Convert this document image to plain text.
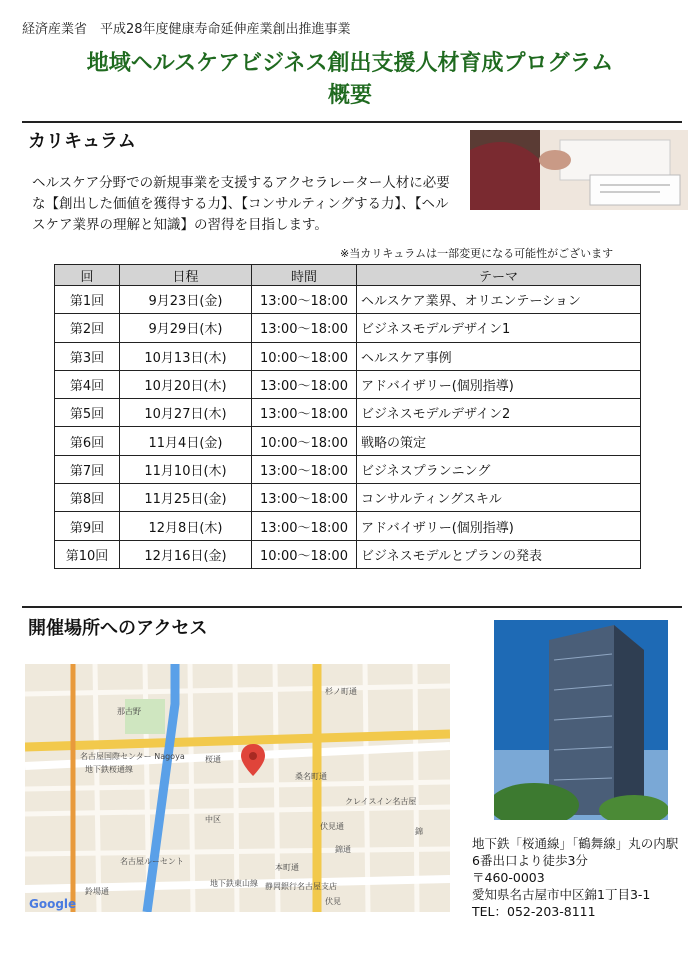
経済産業省　平成28年度健康寿命延伸産業創出推進事業
地域ヘルスケアビジネス創出支援人材育成プログラム
概要
カリキュラム
ヘルスケア分野での新規事業を支援するアクセラレーター人材に必要な【創出した価値を獲得する力】、【コンサルティングする力】、【ヘルスケア業界の理解と知識】の習得を目指します。
※当カリキュラムは一部変更になる可能性がございます
回	日程	時間	テーマ
第1回	9月23日(金)	13:00～18:00	ヘルスケア業界、オリエンテーション
第2回	9月29日(木)	13:00～18:00	ビジネスモデルデザイン1
第3回	10月13日(木)	10:00～18:00	ヘルスケア事例
第4回	10月20日(木)	13:00～18:00	アドバイザリー(個別指導)
第5回	10月27日(木)	13:00～18:00	ビジネスモデルデザイン2
第6回	11月4日(金)	10:00～18:00	戦略の策定
第7回	11月10日(木)	13:00～18:00	ビジネスプランニング
第8回	11月25日(金)	13:00～18:00	コンサルティングスキル
第9回	12月8日(木)	13:00～18:00	アドバイザリー(個別指導)
第10回	12月16日(金)	10:00～18:00	ビジネスモデルとプランの発表
開催場所へのアクセス
那古野
名古屋国際センター Nagoya
地下鉄桜通線
桜通
伏見通
錦通
本町通
桑名町通
中区
クレイスイン名古屋
静岡銀行名古屋支店
地下鉄東山線
伏見
錦
名古屋ルーセント
鈴場通
杉ノ町通
Google
地下鉄「桜通線」「鶴舞線」丸の内駅
6番出口より徒歩3分
〒460-0003
愛知県名古屋市中区錦1丁目3-1
TEL：052-203-8111
